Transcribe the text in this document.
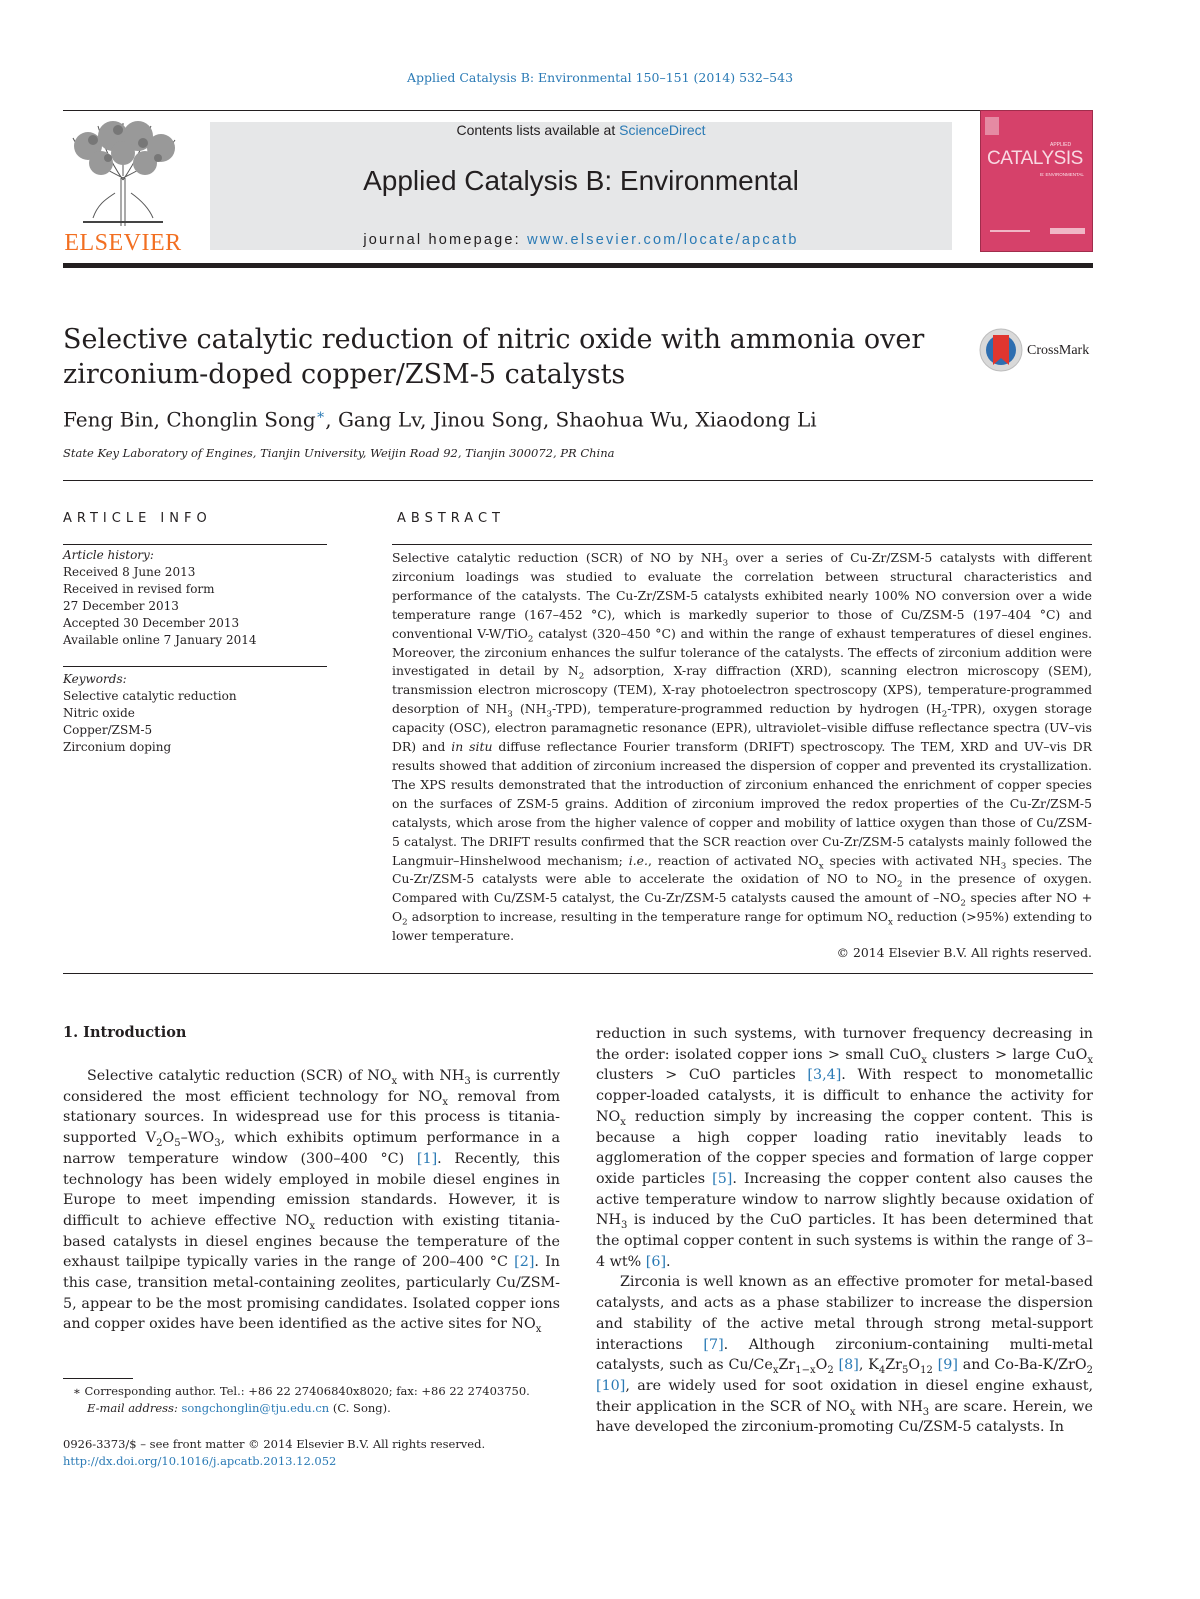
Applied Catalysis B: Environmental 150–151 (2014) 532–543
ELSEVIER
Contents lists available at ScienceDirect
Applied Catalysis B: Environmental
journal homepage: www.elsevier.com/locate/apcatb
APPLIED
CATALYSIS
B: ENVIRONMENTAL
Selective catalytic reduction of nitric oxide with ammonia over
zirconium-doped copper/ZSM-5 catalysts
CrossMark
Feng Bin, Chonglin Song∗, Gang Lv, Jinou Song, Shaohua Wu, Xiaodong Li
State Key Laboratory of Engines, Tianjin University, Weijin Road 92, Tianjin 300072, PR China
ARTICLE INFO
Article history:
Received 8 June 2013
Received in revised form
27 December 2013
Accepted 30 December 2013
Available online 7 January 2014
Keywords:
Selective catalytic reduction
Nitric oxide
Copper/ZSM-5
Zirconium doping
ABSTRACT
Selective catalytic reduction (SCR) of NO by $NH_3$ over a series of Cu-Zr/ZSM-5 catalysts with different zirconium loadings was studied to evaluate the correlation between structural characteristics and performance of the catalysts. The Cu-Zr/ZSM-5 catalysts exhibited nearly 100% NO conversion over a wide temperature range (167–452 °C), which is markedly superior to those of Cu/ZSM-5 (197–404 °C) and conventional V-W/TiO$_2$ catalyst (320–450 °C) and within the range of exhaust temperatures of diesel engines. Moreover, the zirconium enhances the sulfur tolerance of the catalysts. The effects of zirconium addition were investigated in detail by $N_2$ adsorption, X-ray diffraction (XRD), scanning electron microscopy (SEM), transmission electron microscopy (TEM), X-ray photoelectron spectroscopy (XPS), temperature-programmed desorption of $NH_3$ $(NH_3-TPD)$, temperature-programmed reduction by hydrogen $(H_2-TPR)$, oxygen storage capacity (OSC), electron paramagnetic resonance (EPR), ultraviolet–visible diffuse reflectance spectra (UV–vis DR) and in situ diffuse reflectance Fourier transform (DRIFT) spectroscopy. The TEM, XRD and UV–vis DR results showed that addition of zirconium increased the dispersion of copper and prevented its crystallization. The XPS results demonstrated that the introduction of zirconium enhanced the enrichment of copper species on the surfaces of ZSM-5 grains. Addition of zirconium improved the redox properties of the Cu-Zr/ZSM-5 catalysts, which arose from the higher valence of copper and mobility of lattice oxygen than those of Cu/ZSM-5 catalyst. The DRIFT results confirmed that the SCR reaction over Cu-Zr/ZSM-5 catalysts mainly followed the Langmuir–Hinshelwood mechanism; i.e., reaction of activated $NO_x$ species with activated $NH_3$ species. The Cu-Zr/ZSM-5 catalysts were able to accelerate the oxidation of NO to $NO_2$ in the presence of oxygen. Compared with Cu/ZSM-5 catalyst, the Cu-Zr/ZSM-5 catalysts caused the amount of $-NO_2$ species after NO + $O_2$ adsorption to increase, resulting in the temperature range for optimum $NO_x$ reduction (>95%) extending to lower temperature.
© 2014 Elsevier B.V. All rights reserved.
1. Introduction

Selective catalytic reduction (SCR) of $NO_x$ with $NH_3$ is currently considered the most efficient technology for $NO_x$ removal from stationary sources. In widespread use for this process is titania-supported $V_2O_5-WO_3$, which exhibits optimum performance in a narrow temperature window (300–400 °C) [1]. Recently, this technology has been widely employed in mobile diesel engines in Europe to meet impending emission standards. However, it is difficult to achieve effective $NO_x$ reduction with existing titania-based catalysts in diesel engines because the temperature of the exhaust tailpipe typically varies in the range of 200–400 °C [2]. In this case, transition metal-containing zeolites, particularly Cu/ZSM-5, appear to be the most promising candidates. Isolated copper ions and copper oxides have been identified as the active sites for $NO_x$

∗ Corresponding author. Tel.: +86 22 27406840x8020; fax: +86 22 27403750.
E-mail address: songchonglin@tju.edu.cn (C. Song).
0926-3373/$ – see front matter © 2014 Elsevier B.V. All rights reserved.
http://dx.doi.org/10.1016/j.apcatb.2013.12.052

reduction in such systems, with turnover frequency decreasing in the order: isolated copper ions > small CuO$_x$ clusters > large CuO$_x$ clusters > CuO particles [3,4]. With respect to monometallic copper-loaded catalysts, it is difficult to enhance the activity for $NO_x$ reduction simply by increasing the copper content. This is because a high copper loading ratio inevitably leads to agglomeration of the copper species and formation of large copper oxide particles [5]. Increasing the copper content also causes the active temperature window to narrow slightly because oxidation of $NH_3$ is induced by the CuO particles. It has been determined that the optimal copper content in such systems is within the range of 3–4 wt% [6].

Zirconia is well known as an effective promoter for metal-based catalysts, and acts as a phase stabilizer to increase the dispersion and stability of the active metal through strong metal-support interactions [7]. Although zirconium-containing multi-metal catalysts, such as $Cu/Ce_xZr_{1-x}O_2$ [8], $K_4Zr_5O_{12}$ [9] and Co-Ba-K/ZrO$_2$ [10], are widely used for soot oxidation in diesel engine exhaust, their application in the SCR of $NO_x$ with $NH_3$ are scare. Herein, we have developed the zirconium-promoting Cu/ZSM-5 catalysts. In
